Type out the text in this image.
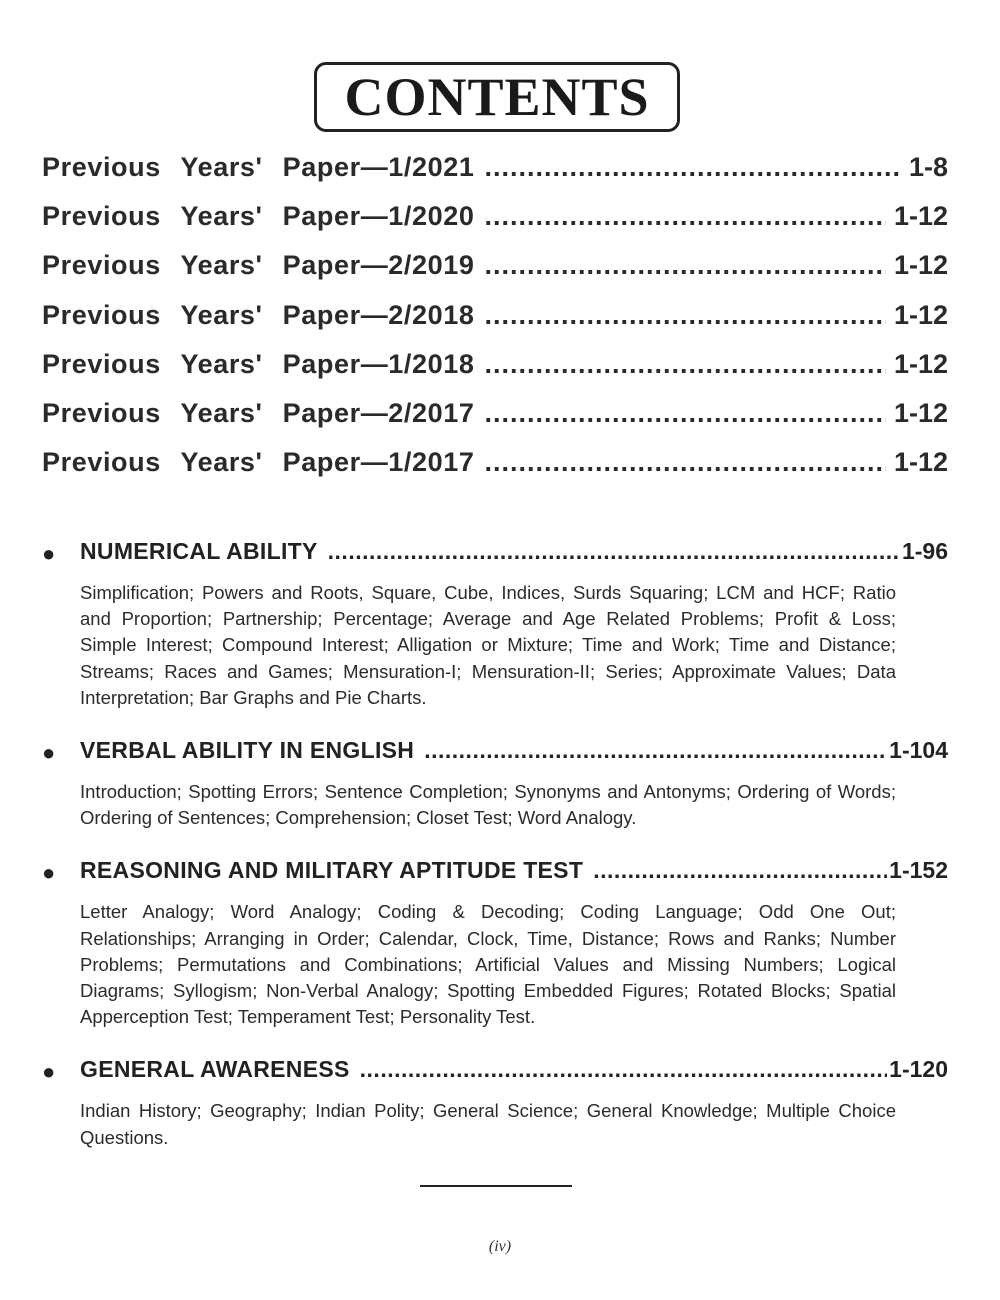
CONTENTS
Previous Years' Paper—1/2021 .....	1-8
Previous Years' Paper—1/2020 .....	1-12
Previous Years' Paper—2/2019 .....	1-12
Previous Years' Paper—2/2018 .....	1-12
Previous Years' Paper—1/2018 .....	1-12
Previous Years' Paper—2/2017 .....	1-12
Previous Years' Paper—1/2017 .....	1-12
●	NUMERICAL ABILITY .....	1-96
Simplification; Powers and Roots, Square, Cube, Indices, Surds Squaring; LCM and HCF; Ratio and Proportion; Partnership; Percentage; Average and Age Related Problems; Profit & Loss; Simple Interest; Compound Interest; Alligation or Mixture; Time and Work; Time and Distance; Streams; Races and Games; Mensuration-I; Mensuration-II; Series; Approximate Values; Data Interpretation; Bar Graphs and Pie Charts.
●	VERBAL ABILITY IN ENGLISH .....	1-104
Introduction; Spotting Errors; Sentence Completion; Synonyms and Antonyms; Ordering of Words; Ordering of Sentences; Comprehension; Closet Test; Word Analogy.
●	REASONING AND MILITARY APTITUDE TEST .....	1-152
Letter Analogy; Word Analogy; Coding & Decoding; Coding Language; Odd One Out; Relationships; Arranging in Order; Calendar, Clock, Time, Distance; Rows and Ranks; Number Problems; Permutations and Combinations; Artificial Values and Missing Numbers; Logical Diagrams; Syllogism; Non-Verbal Analogy; Spotting Embedded Figures; Rotated Blocks; Spatial Apperception Test; Temperament Test; Personality Test.
●	GENERAL AWARENESS .....	1-120
Indian History; Geography; Indian Polity; General Science; General Knowledge; Multiple Choice Questions.
(iv)
